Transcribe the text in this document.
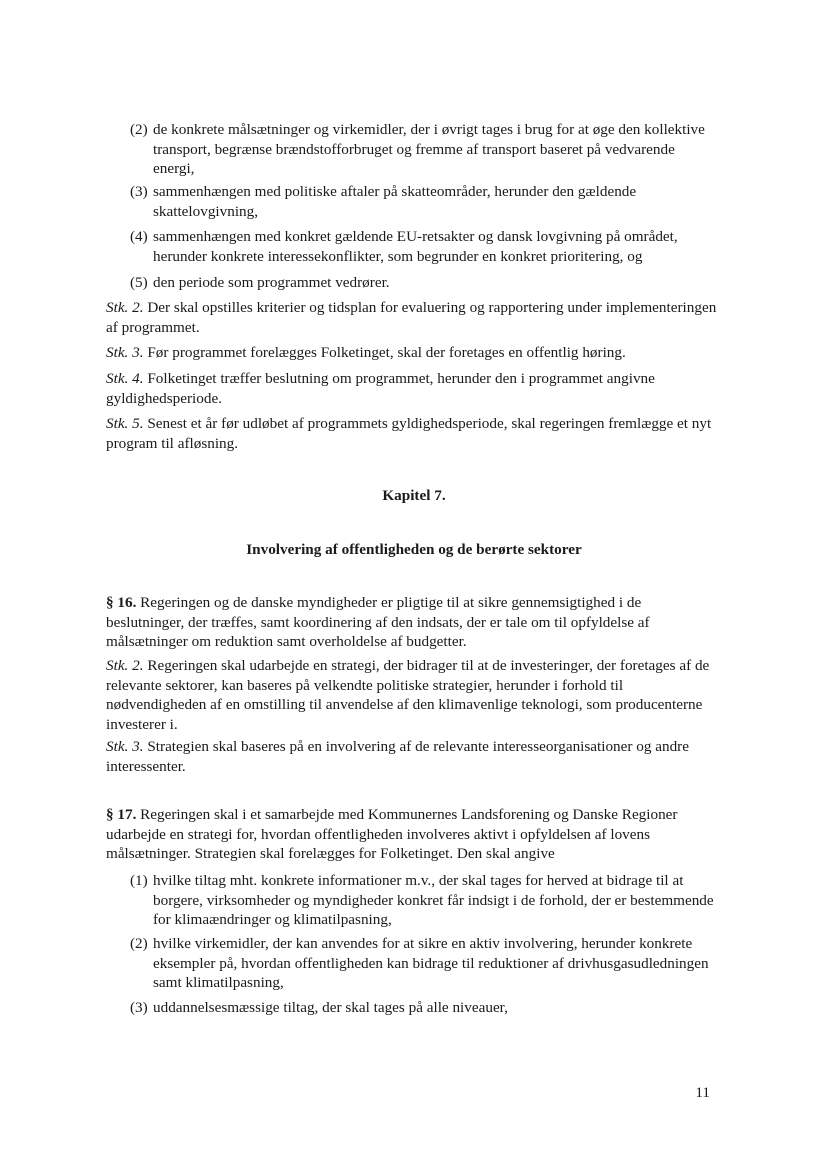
(2) de konkrete målsætninger og virkemidler, der i øvrigt tages i brug for at øge den kollektive transport, begrænse brændstofforbruget og fremme af transport baseret på vedvarende energi,
(3) sammenhængen med politiske aftaler på skatteområder, herunder den gældende skattelovgivning,
(4) sammenhængen med konkret gældende EU-retsakter og dansk lovgivning på området, herunder konkrete interessekonflikter, som begrunder en konkret prioritering, og
(5) den periode som programmet vedrører.

Stk. 2. Der skal opstilles kriterier og tidsplan for evaluering og rapportering under implementeringen af programmet.

Stk. 3. Før programmet forelægges Folketinget, skal der foretages en offentlig høring.

Stk. 4. Folketinget træffer beslutning om programmet, herunder den i programmet angivne gyldighedsperiode.

Stk. 5. Senest et år før udløbet af programmets gyldighedsperiode, skal regeringen fremlægge et nyt program til afløsning.

Kapitel 7.
Involvering af offentligheden og de berørte sektorer

§ 16. Regeringen og de danske myndigheder er pligtige til at sikre gennemsigtighed i de beslutninger, der træffes, samt koordinering af den indsats, der er tale om til opfyldelse af målsætninger om reduktion samt overholdelse af budgetter.

Stk. 2. Regeringen skal udarbejde en strategi, der bidrager til at de investeringer, der foretages af de relevante sektorer, kan baseres på velkendte politiske strategier, herunder i forhold til nødvendigheden af en omstilling til anvendelse af den klimavenlige teknologi, som producenterne investerer i.

Stk. 3. Strategien skal baseres på en involvering af de relevante interesseorganisationer og andre interessenter.

§ 17. Regeringen skal i et samarbejde med Kommunernes Landsforening og Danske Regioner udarbejde en strategi for, hvordan offentligheden involveres aktivt i opfyldelsen af lovens målsætninger. Strategien skal forelægges for Folketinget. Den skal angive

(1) hvilke tiltag mht. konkrete informationer m.v., der skal tages for herved at bidrage til at borgere, virksomheder og myndigheder konkret får indsigt i de forhold, der er bestemmende for klimaændringer og klimatilpasning,
(2) hvilke virkemidler, der kan anvendes for at sikre en aktiv involvering, herunder konkrete eksempler på, hvordan offentligheden kan bidrage til reduktioner af drivhusgasudledningen samt klimatilpasning,
(3) uddannelsesmæssige tiltag, der skal tages på alle niveauer,
11
